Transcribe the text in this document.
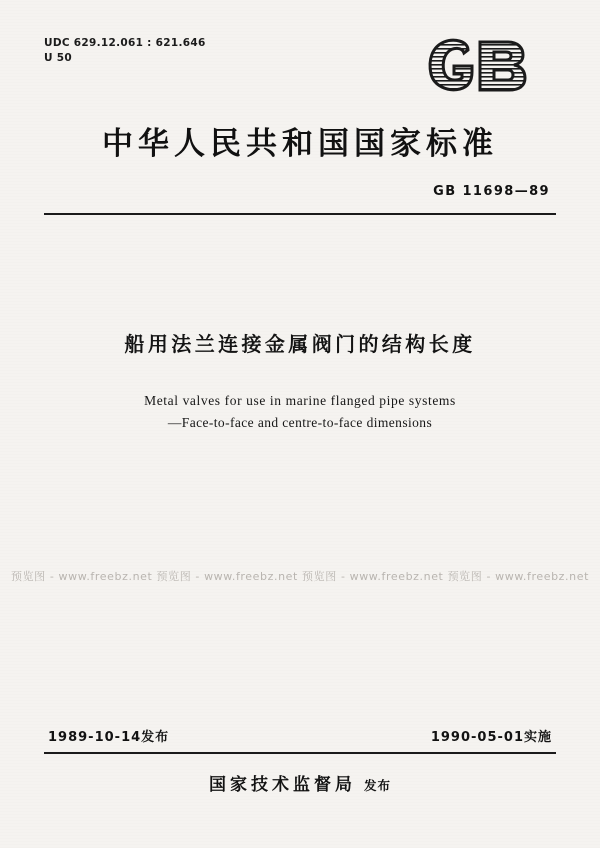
UDC 629.12.061 : 621.646
U 50
中华人民共和国国家标准
GB 11698—89
船用法兰连接金属阀门的结构长度
Metal valves for use in marine flanged pipe systems
—Face-to-face and centre-to-face dimensions
预览图 - www.freebz.net 预览图 - www.freebz.net 预览图 - www.freebz.net 预览图 - www.freebz.net
1989-10-14发布	1990-05-01实施
国家技术监督局 发布
